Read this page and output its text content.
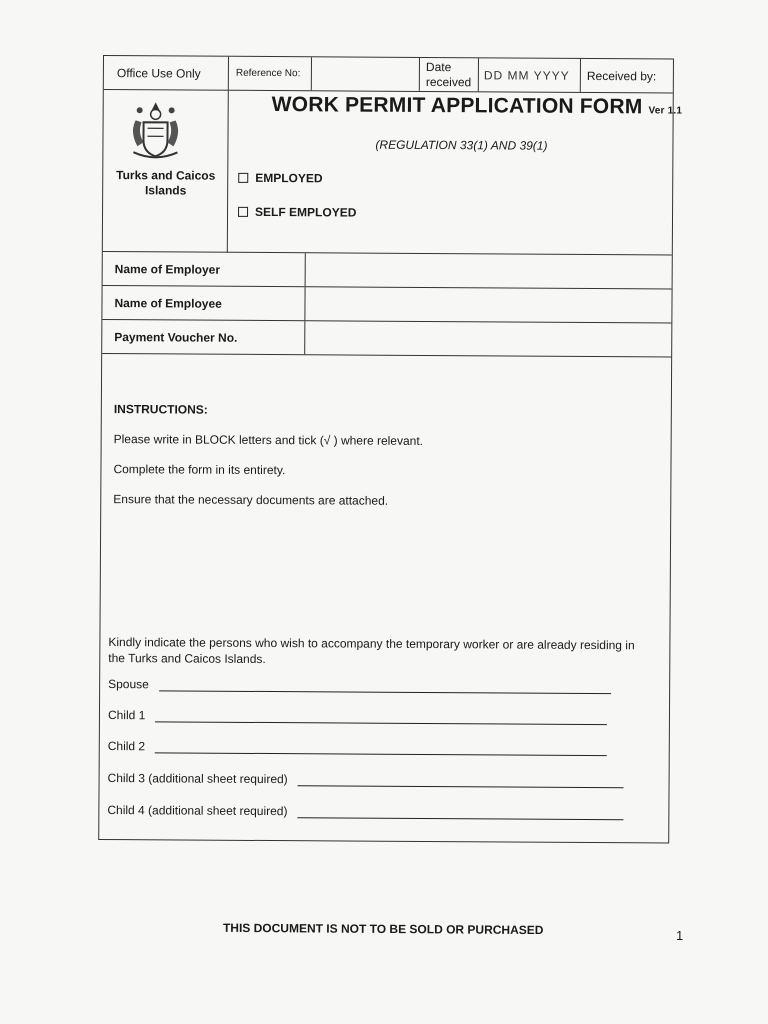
Office Use Only	Reference No:	Date received	DD MM YYYY	Received by:
Turks and Caicos Islands
WORK PERMIT APPLICATION FORM Ver 1.1
(REGULATION 33(1) AND 39(1)
EMPLOYED
SELF EMPLOYED
Name of Employer
Name of Employee
Payment Voucher No.
INSTRUCTIONS:

Please write in BLOCK letters and tick (√ ) where relevant.

Complete the form in its entirety.

Ensure that the necessary documents are attached.

Kindly indicate the persons who wish to accompany the temporary worker or are already residing in the Turks and Caicos Islands.
Spouse
Child 1
Child 2
Child 3 (additional sheet required)
Child 4 (additional sheet required)
THIS DOCUMENT IS NOT TO BE SOLD OR PURCHASED	1
